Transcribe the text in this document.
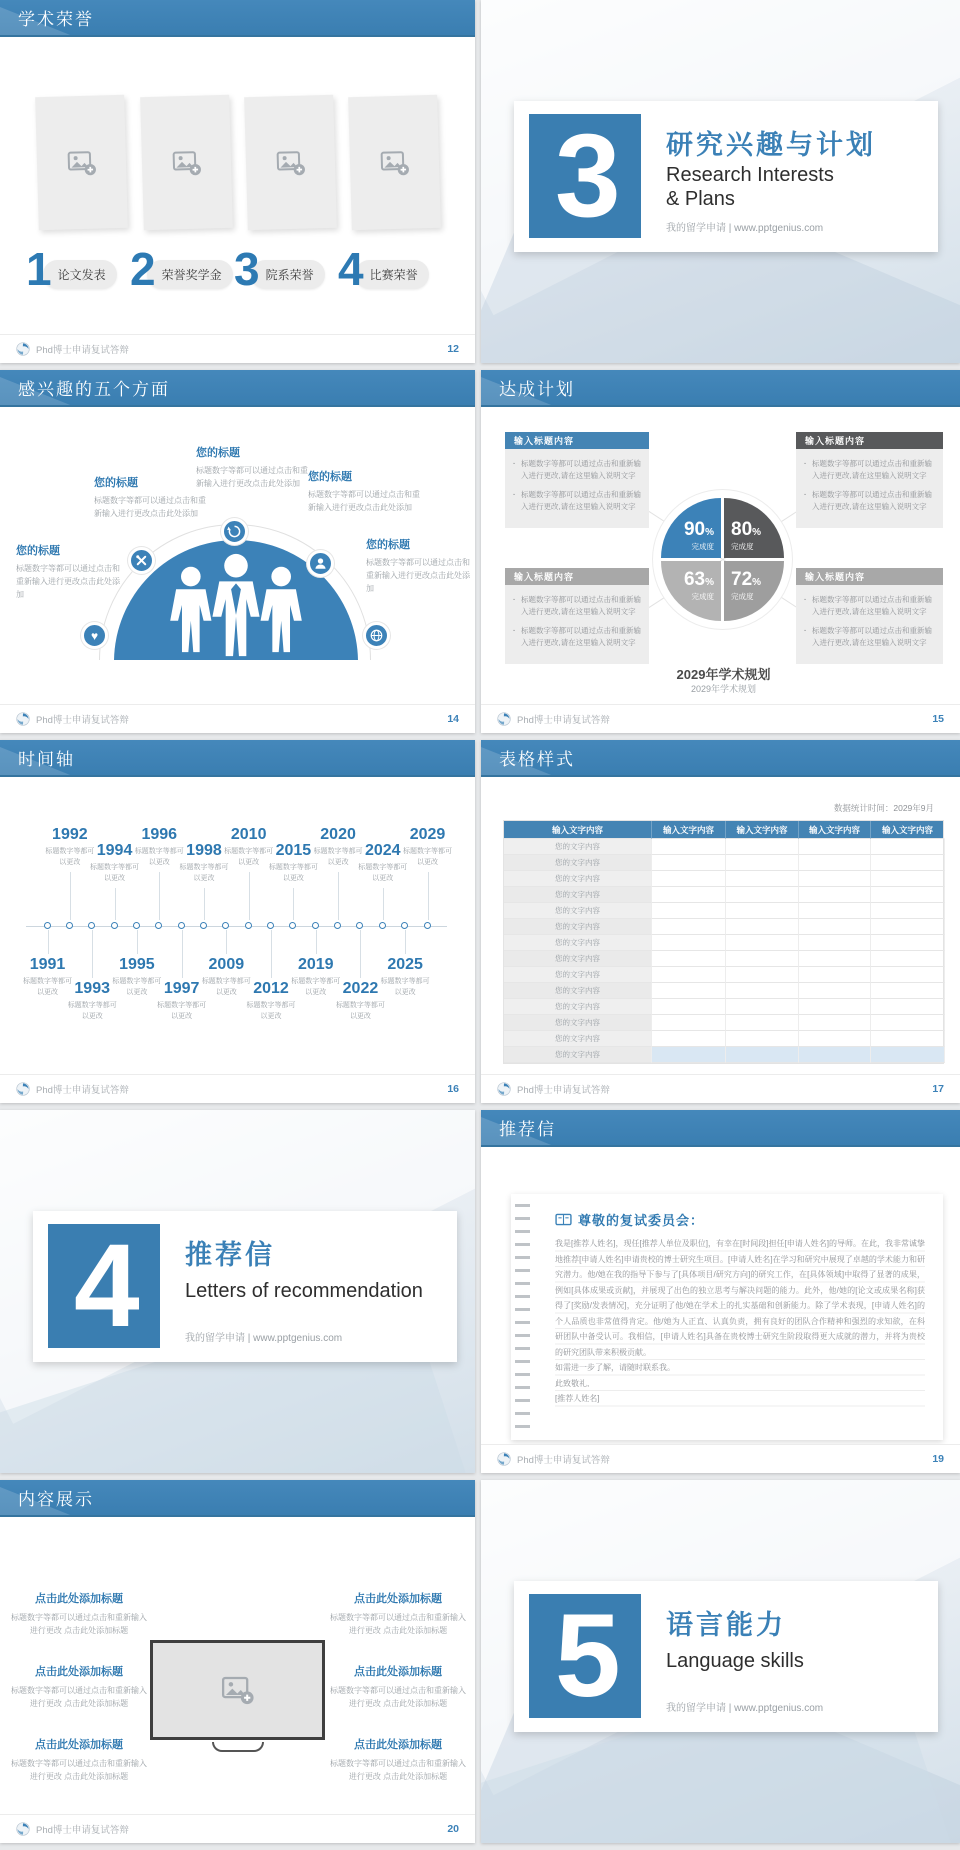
学术荣誉
1 论文发表 2 荣誉奖学金 3 院系荣誉 4 比赛荣誉
Phd博士申请复试答辩	12
3 研究兴趣与计划
Research Interests
& Plans
我的留学申请 | www.pptgenius.com
感兴趣的五个方面
您的标题
标题数字等都可以通过点击和重新输入进行更改点击此处添加
您的标题
标题数字等都可以通过点击和重新输入进行更改点击此处添加
您的标题
标题数字等都可以通过点击和重新输入进行更改点击此处添加
您的标题
标题数字等都可以通过点击和重新输入进行更改点击此处添加
您的标题
标题数字等都可以通过点击和重新输入进行更改点击此处添加
♥
Phd博士申请复试答辩	14
达成计划
输入标题内容
· 标题数字等都可以通过点击和重新输入进行更改,请在这里输入说明文字
· 标题数字等都可以通过点击和重新输入进行更改,请在这里输入说明文字
输入标题内容
· 标题数字等都可以通过点击和重新输入进行更改,请在这里输入说明文字
· 标题数字等都可以通过点击和重新输入进行更改,请在这里输入说明文字
输入标题内容
· 标题数字等都可以通过点击和重新输入进行更改,请在这里输入说明文字
· 标题数字等都可以通过点击和重新输入进行更改,请在这里输入说明文字
输入标题内容
· 标题数字等都可以通过点击和重新输入进行更改,请在这里输入说明文字
· 标题数字等都可以通过点击和重新输入进行更改,请在这里输入说明文字
90%
完成度
80%
完成度
63%
完成度
72%
完成度
2029年学术规划
2029年学术规划
Phd博士申请复试答辩	15
时间轴
1991
标题数字等都可以更改
1992
标题数字等都可以更改
1993
标题数字等都可以更改
1994
标题数字等都可以更改
1995
标题数字等都可以更改
1996
标题数字等都可以更改
1997
标题数字等都可以更改
1998
标题数字等都可以更改
2009
标题数字等都可以更改
2010
标题数字等都可以更改
2012
标题数字等都可以更改
2015
标题数字等都可以更改
2019
标题数字等都可以更改
2020
标题数字等都可以更改
2022
标题数字等都可以更改
2024
标题数字等都可以更改
2025
标题数字等都可以更改
2029
标题数字等都可以更改
Phd博士申请复试答辩	16
表格样式
数据统计时间：2029年9月
输入文字内容	输入文字内容	输入文字内容	输入文字内容	输入文字内容
您的文字内容
您的文字内容
您的文字内容
您的文字内容
您的文字内容
您的文字内容
您的文字内容
您的文字内容
您的文字内容
您的文字内容
您的文字内容
您的文字内容
您的文字内容
您的文字内容
Phd博士申请复试答辩	17
4 推荐信
Letters of recommendation
我的留学申请 | www.pptgenius.com
推荐信
尊敬的复试委员会：

我是[推荐人姓名]，现任[推荐人单位及职位]，有幸在[时间段]担任[申请人姓名]的导师。在此，我非常诚挚地推荐[申请人姓名]申请贵校的博士研究生项目。[申请人姓名]在学习和研究中展现了卓越的学术能力和研究潜力。他/她在我的指导下参与了[具体项目/研究方向]的研究工作，在[具体领域]中取得了显著的成果，例如[具体成果或贡献]，并展现了出色的独立思考与解决问题的能力。此外，他/她的[论文或成果名称]获得了[奖励/发表情况]，充分证明了他/她在学术上的扎实基础和创新能力。除了学术表现，[申请人姓名]的个人品质也非常值得肯定。他/她为人正直、认真负责，拥有良好的团队合作精神和强烈的求知欲，在科研团队中备受认可。我相信，[申请人姓名]具备在贵校博士研究生阶段取得更大成就的潜力，并将为贵校的研究团队带来积极贡献。

如需进一步了解，请随时联系我。

此致敬礼,

[推荐人姓名]

Phd博士申请复试答辩	19
内容展示
点击此处添加标题
标题数字等都可以通过点击和重新输入进行更改 点击此处添加标题
点击此处添加标题
标题数字等都可以通过点击和重新输入进行更改 点击此处添加标题
点击此处添加标题
标题数字等都可以通过点击和重新输入进行更改 点击此处添加标题
点击此处添加标题
标题数字等都可以通过点击和重新输入进行更改 点击此处添加标题
点击此处添加标题
标题数字等都可以通过点击和重新输入进行更改 点击此处添加标题
点击此处添加标题
标题数字等都可以通过点击和重新输入进行更改 点击此处添加标题
Phd博士申请复试答辩	20
5 语言能力
Language skills
我的留学申请 | www.pptgenius.com
